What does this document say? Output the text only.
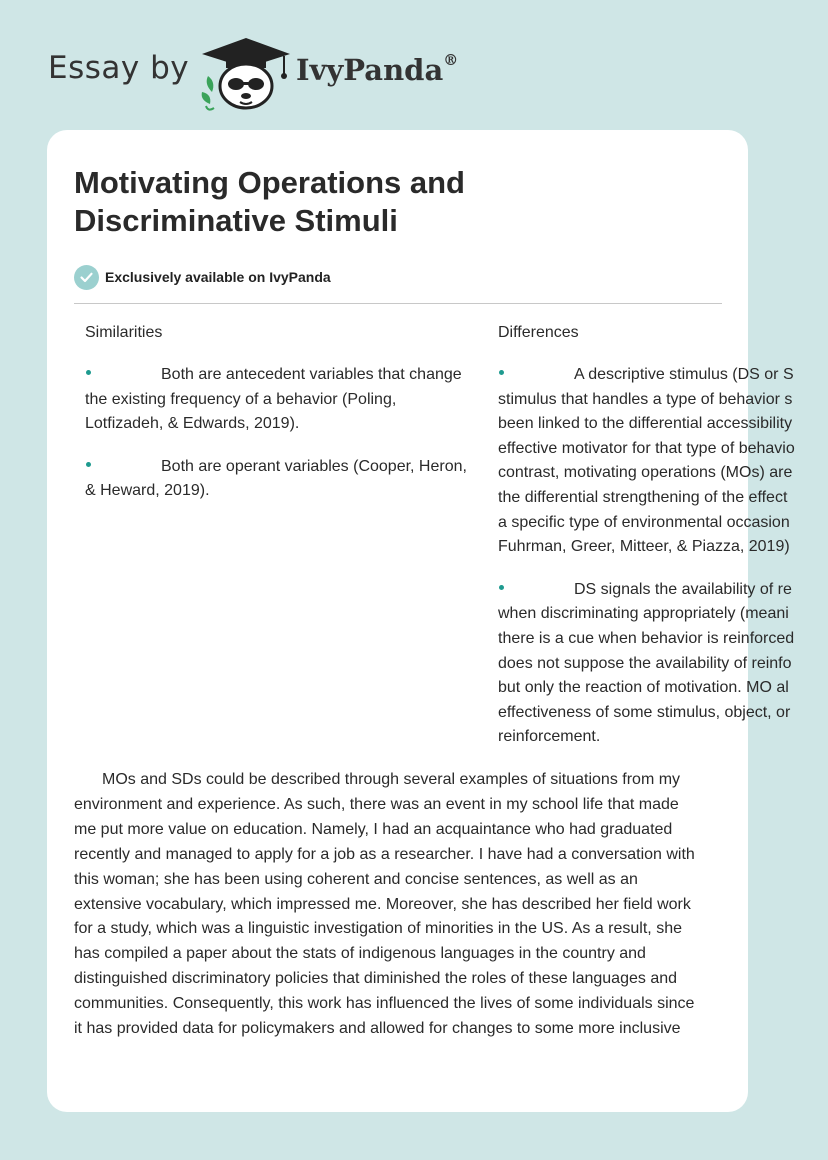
Essay by	IvyPanda®
Motivating Operations and Discriminative Stimuli
Exclusively available on IvyPanda

Similarities

Both are antecedent variables that change the existing frequency of a behavior (Poling, Lotfizadeh, & Edwards, 2019).

Both are operant variables (Cooper, Heron, & Heward, 2019).

Differences

A descriptive stimulus (DS or S
stimulus that handles a type of behavior s
been linked to the differential accessibility
effective motivator for that type of behavio
contrast, motivating operations (MOs) are
the differential strengthening of the effect
a specific type of environmental occasion
Fuhrman, Greer, Mitteer, & Piazza, 2019)

DS signals the availability of re
when discriminating appropriately (meani
there is a cue when behavior is reinforced
does not suppose the availability of reinfo
but only the reaction of motivation. MO al
effectiveness of some stimulus, object, or
reinforcement.

MOs and SDs could be described through several examples of situations from my
environment and experience. As such, there was an event in my school life that made
me put more value on education. Namely, I had an acquaintance who had graduated
recently and managed to apply for a job as a researcher. I have had a conversation with
this woman; she has been using coherent and concise sentences, as well as an
extensive vocabulary, which impressed me. Moreover, she has described her field work
for a study, which was a linguistic investigation of minorities in the US. As a result, she
has compiled a paper about the stats of indigenous languages in the country and
distinguished discriminatory policies that diminished the roles of these languages and
communities. Consequently, this work has influenced the lives of some individuals since
it has provided data for policymakers and allowed for changes to some more inclusive
